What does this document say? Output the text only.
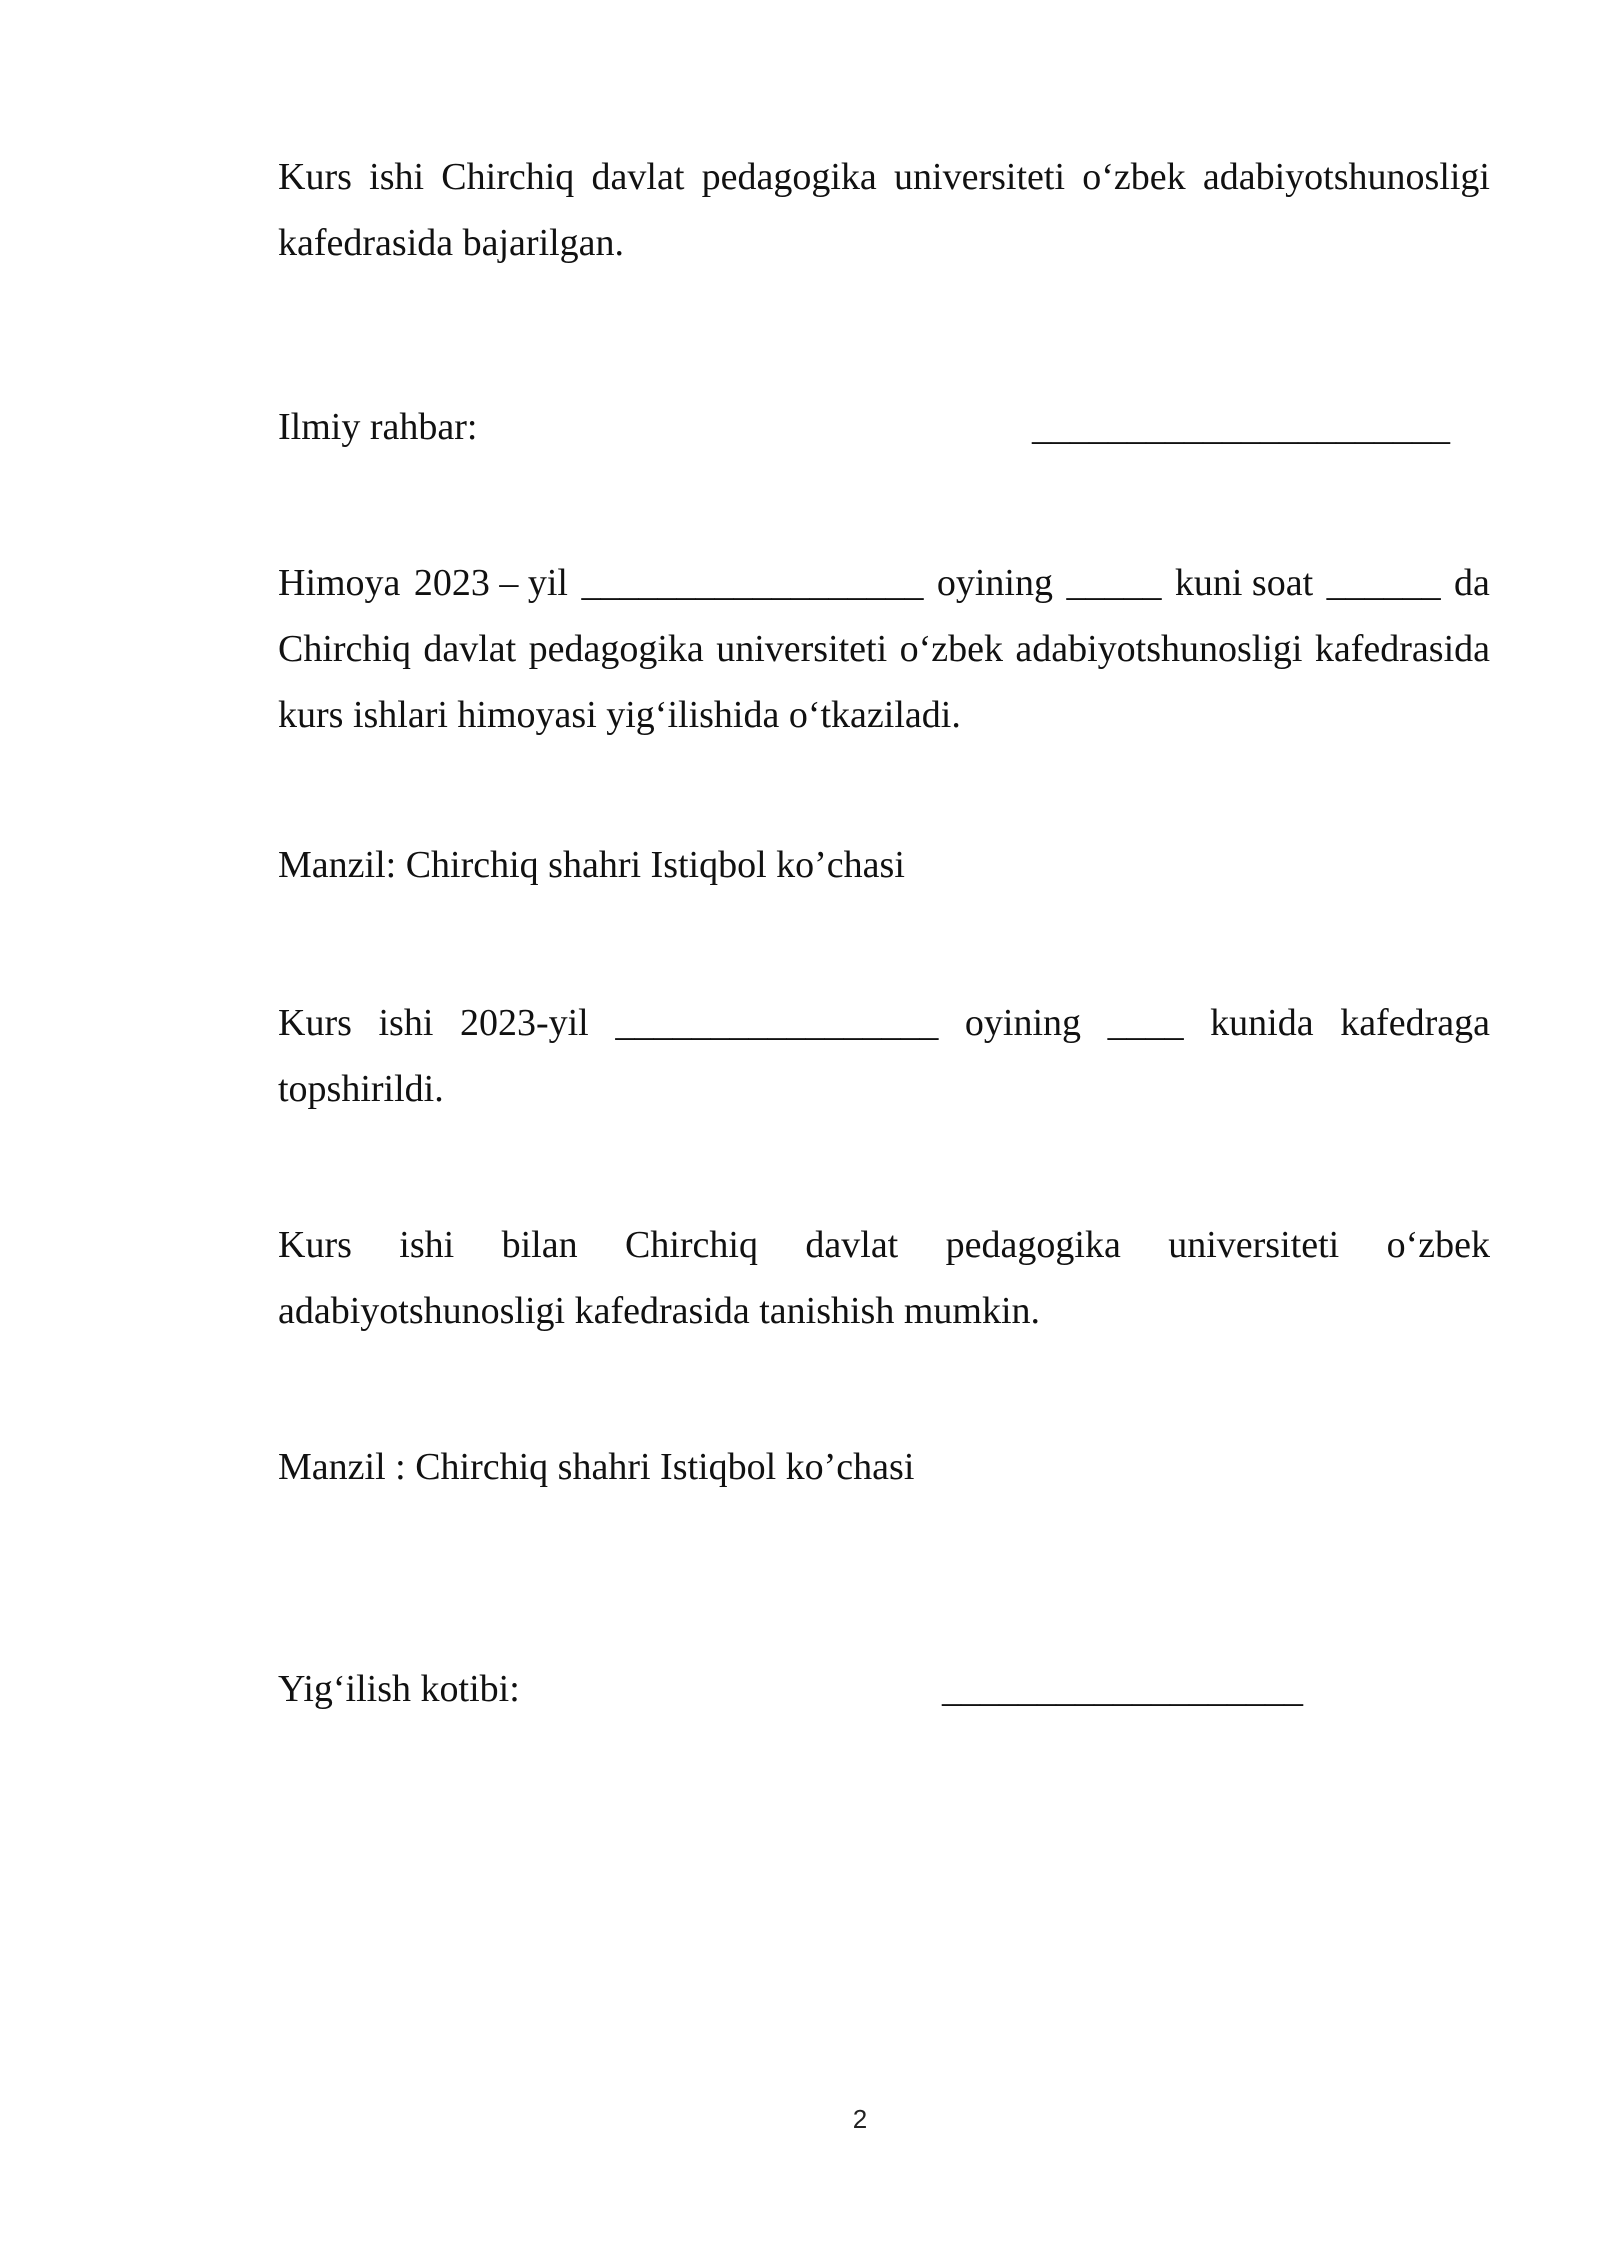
Kurs ishi Chirchiq davlat pedagogika universiteti o‘zbek adabiyotshunosligi
kafedrasida bajarilgan.
Ilmiy rahbar:	______________________
Himoya 2023 – yil __________________ oyining _____ kuni soat ______ da
Chirchiq davlat pedagogika universiteti o‘zbek adabiyotshunosligi kafedrasida
kurs ishlari himoyasi yig‘ilishida o‘tkaziladi.
Manzil: Chirchiq shahri Istiqbol ko’chasi
Kurs ishi 2023-yil _________________ oyining ____ kunida kafedraga
topshirildi.
Kurs ishi bilan Chirchiq davlat pedagogika universiteti o‘zbek
adabiyotshunosligi kafedrasida tanishish mumkin.
Manzil : Chirchiq shahri Istiqbol ko’chasi
Yig‘ilish kotibi:	___________________
2
